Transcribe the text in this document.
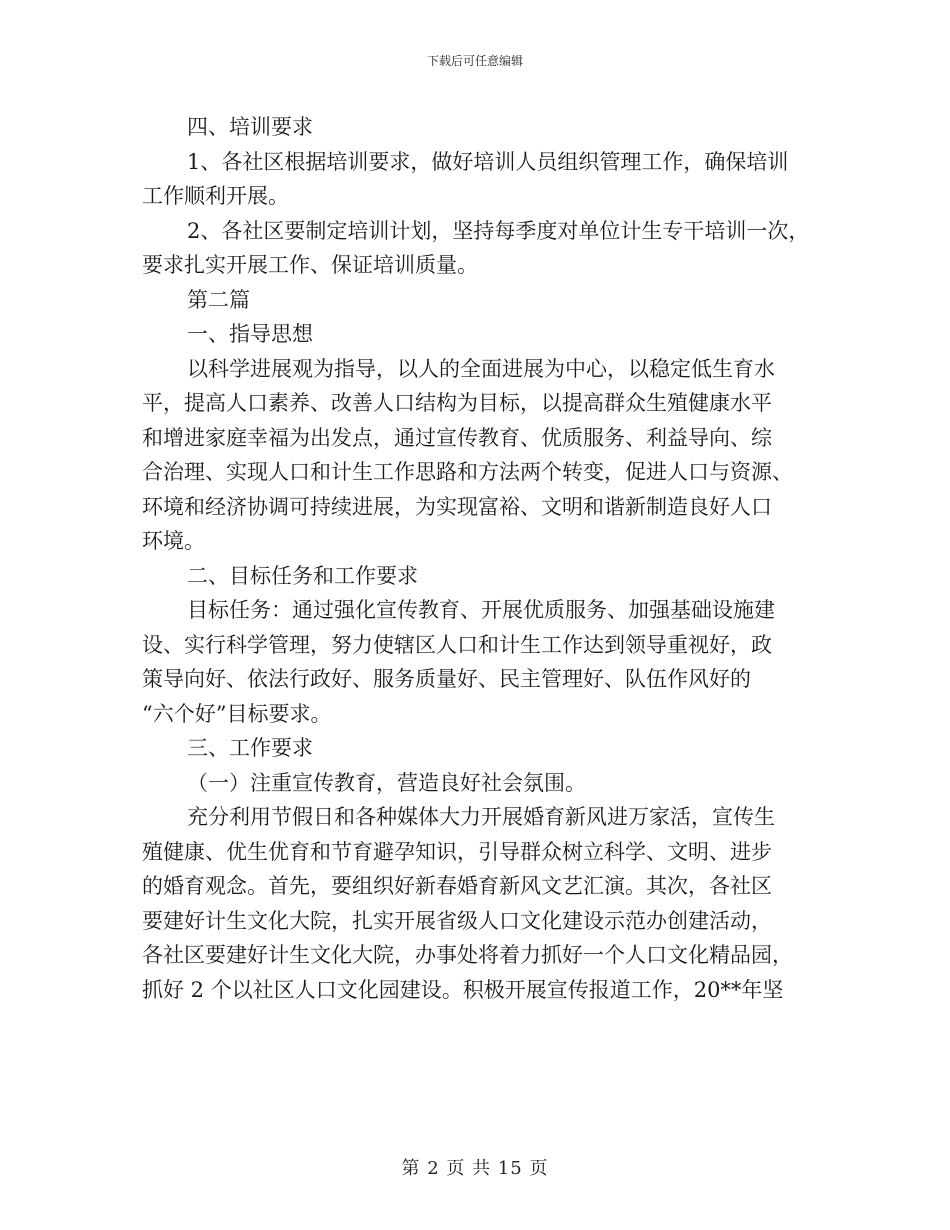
下载后可任意编辑
四、培训要求
1、各社区根据培训要求，做好培训人员组织管理工作，确保培训
工作顺利开展。
2、各社区要制定培训计划，坚持每季度对单位计生专干培训一次，
要求扎实开展工作、保证培训质量。
第二篇
一、指导思想
以科学进展观为指导，以人的全面进展为中心，以稳定低生育水
平，提高人口素养、改善人口结构为目标，以提高群众生殖健康水平
和增进家庭幸福为出发点，通过宣传教育、优质服务、利益导向、综
合治理、实现人口和计生工作思路和方法两个转变，促进人口与资源、
环境和经济协调可持续进展，为实现富裕、文明和谐新制造良好人口
环境。
二、目标任务和工作要求
目标任务：通过强化宣传教育、开展优质服务、加强基础设施建
设、实行科学管理，努力使辖区人口和计生工作达到领导重视好，政
策导向好、依法行政好、服务质量好、民主管理好、队伍作风好的
“六个好”目标要求。
三、工作要求
（一）注重宣传教育，营造良好社会氛围。
充分利用节假日和各种媒体大力开展婚育新风进万家活，宣传生
殖健康、优生优育和节育避孕知识，引导群众树立科学、文明、进步
的婚育观念。首先，要组织好新春婚育新风文艺汇演。其次，各社区
要建好计生文化大院，扎实开展省级人口文化建设示范办创建活动，
各社区要建好计生文化大院，办事处将着力抓好一个人口文化精品园，
抓好 2 个以社区人口文化园建设。积极开展宣传报道工作，20**年坚
第 2 页 共 15 页
